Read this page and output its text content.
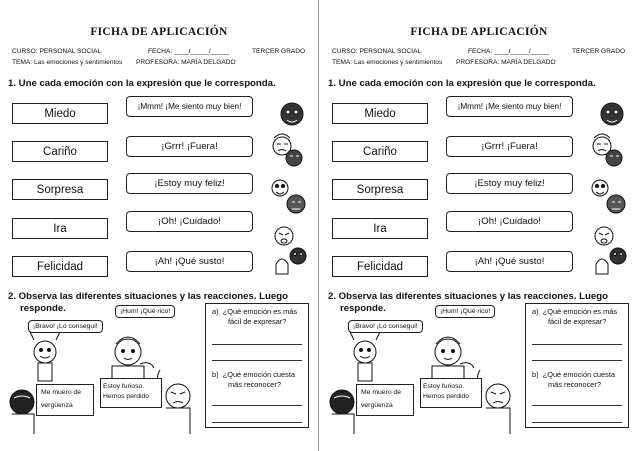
FICHA DE APLICACIÓN
CURSO: PERSONAL SOCIAL	FECHA: ____/_____/_____	TERCER GRADO
TEMA: Las emociones y sentimientos PROFESORA: MARÍA DELGADO
1. Une cada emoción con la expresión que le corresponda.
Miedo
Cariño
Sorpresa
Ira
Felicidad
¡Mmm! ¡Me siento muy bien!
¡Grrr! ¡Fuera!
¡Estoy muy feliz!
¡Oh! ¡Cuidado!
¡Ah! ¡Qué susto!
2. Observa las diferentes situaciones y las reacciones. Luego
responde.	¡Hum! ¡Qué rico!
¡Bravo! ¡Lo consegui!
Me muero de
vergüenza
Estoy furioso.
Hemos perdido
a) ¿Qué emoción es más
fácil de expresar?
b) ¿Qué emoción cuesta
más reconocer?
FICHA DE APLICACIÓN
CURSO: PERSONAL SOCIAL	FECHA: ____/_____/_____	TERCER GRADO
TEMA: Las emociones y sentimientos PROFESORA: MARÍA DELGADO
1. Une cada emoción con la expresión que le corresponda.
Miedo
Cariño
Sorpresa
Ira
Felicidad
¡Mmm! ¡Me siento muy bien!
¡Grrr! ¡Fuera!
¡Estoy muy feliz!
¡Oh! ¡Cuidado!
¡Ah! ¡Qué susto!
2. Observa las diferentes situaciones y las reacciones. Luego
responde.	¡Hum! ¡Qué rico!
¡Bravo! ¡Lo consegui!
Me muero de
vergüenza
Estoy furioso.
Hemos perdido
a) ¿Qué emoción es más
fácil de expresar?
b) ¿Qué emoción cuesta
más reconocer?
